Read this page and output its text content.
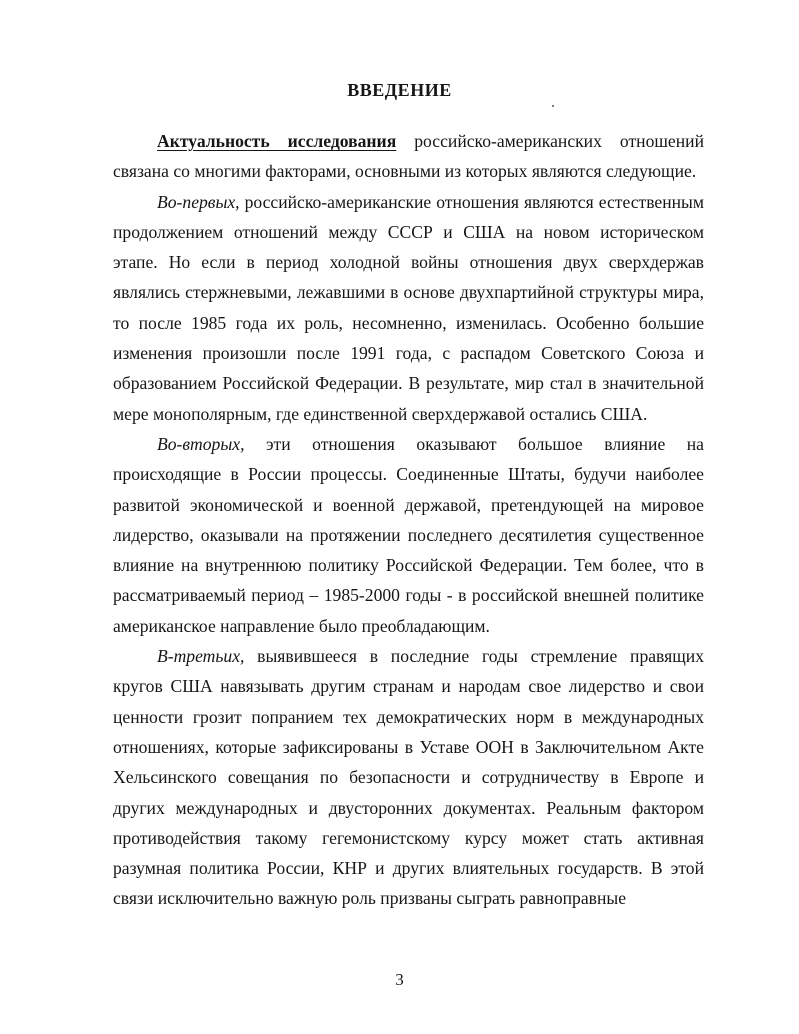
ВВЕДЕНИЕ

Актуальность исследования российско-американских отношений связана со многими факторами, основными из которых являются следующие.

Во-первых, российско-американские отношения являются естественным продолжением отношений между СССР и США на новом историческом этапе. Но если в период холодной войны отношения двух сверхдержав являлись стержневыми, лежавшими в основе двухпартийной структуры мира, то после 1985 года их роль, несомненно, изменилась. Особенно большие изменения произошли после 1991 года, с распадом Советского Союза и образованием Российской Федерации. В результате, мир стал в значительной мере монополярным, где единственной сверхдержавой остались США.

Во-вторых, эти отношения оказывают большое влияние на происходящие в России процессы. Соединенные Штаты, будучи наиболее развитой экономической и военной державой, претендующей на мировое лидерство, оказывали на протяжении последнего десятилетия существенное влияние на внутреннюю политику Российской Федерации. Тем более, что в рассматриваемый период – 1985-2000 годы - в российской внешней политике американское направление было преобладающим.

В-третьих, выявившееся в последние годы стремление правящих кругов США навязывать другим странам и народам свое лидерство и свои ценности грозит попранием тех демократических норм в международных отношениях, которые зафиксированы в Уставе ООН в Заключительном Акте Хельсинского совещания по безопасности и сотрудничеству в Европе и других международных и двусторонних документах. Реальным фактором противодействия такому гегемонистскому курсу может стать активная разумная политика России, КНР и других влиятельных государств. В этой связи исключительно важную роль призваны сыграть равноправные

3
